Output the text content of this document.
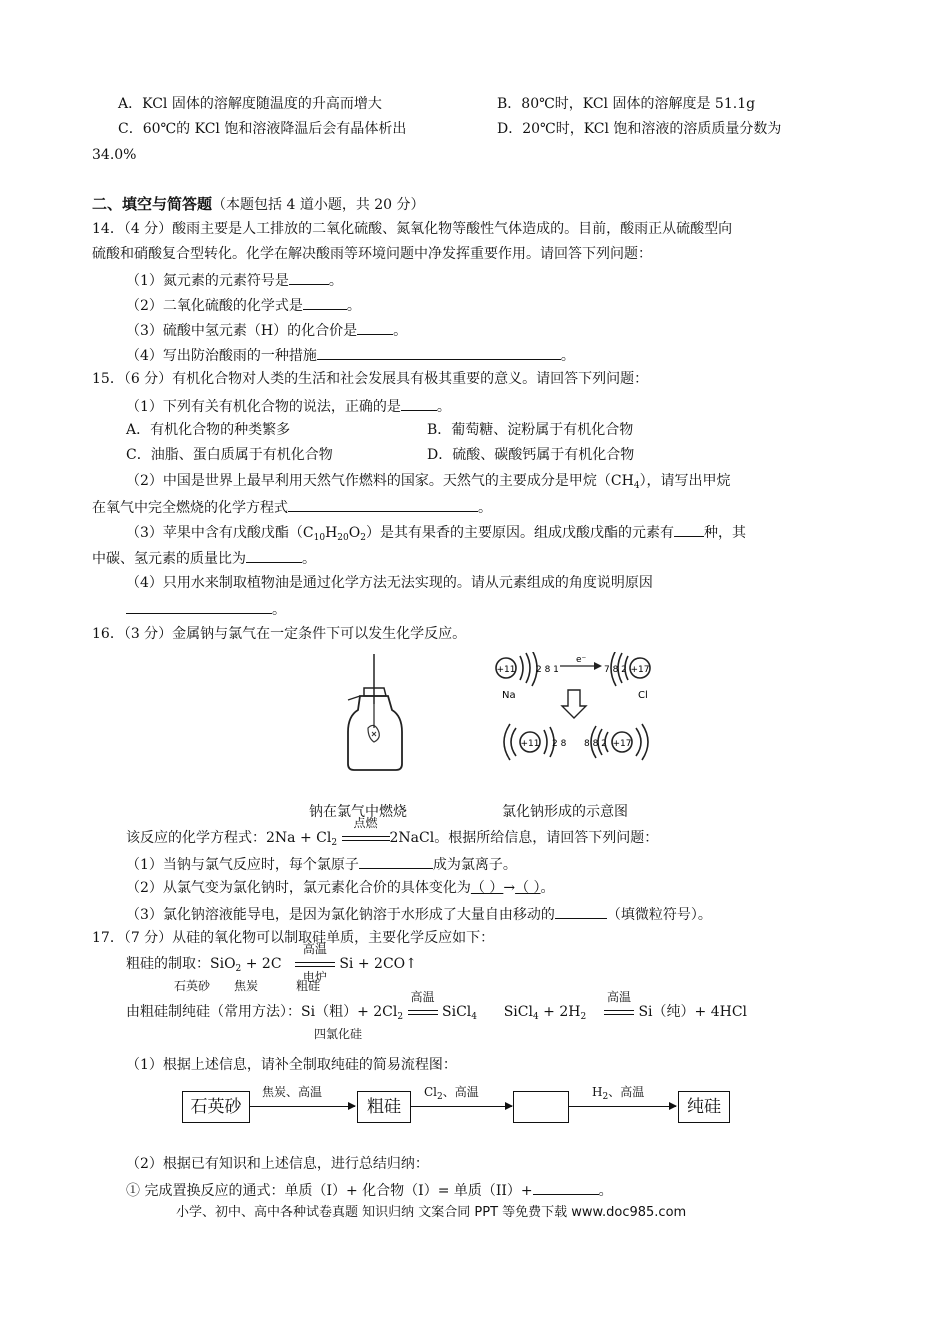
A．KCl 固体的溶解度随温度的升高而增大	B．80℃时，KCl 固体的溶解度是 51.1g
C．60℃的 KCl 饱和溶液降温后会有晶体析出	D．20℃时，KCl 饱和溶液的溶质质量分数为
34.0%
二、填空与简答题（本题包括 4 道小题，共 20 分）
14．（4 分）酸雨主要是人工排放的二氧化硫酸、氮氧化物等酸性气体造成的。目前，酸雨正从硫酸型向
硫酸和硝酸复合型转化。化学在解决酸雨等环境问题中净发挥重要作用。请回答下列问题：
（1）氮元素的元素符号是	。
（2）二氧化硫酸的化学式是	。
（3）硫酸中氢元素（H）的化合价是	。
（4）写出防治酸雨的一种措施	。
15．（6 分）有机化合物对人类的生活和社会发展具有极其重要的意义。请回答下列问题：
（1）下列有关有机化合物的说法，正确的是	。
A．有机化合物的种类繁多	B．葡萄糖、淀粉属于有机化合物
C．油脂、蛋白质属于有机化合物	D．硫酸、碳酸钙属于有机化合物
（2）中国是世界上最早利用天然气作燃料的国家。天然气的主要成分是甲烷$(CH_4)$，请写出甲烷
在氧气中完全燃烧的化学方程式	。
（3）苹果中含有戊酸戊酯$(C_{10}H_{20}O_2)$是其有果香的主要原因。组成戊酸戊酯的元素有 种，其
中碳、氢元素的质量比为	。
（4）只用水来制取植物油是通过化学方法无法实现的。请从元素组成的角度说明原因
。
16．（3 分）金属钠与氯气在一定条件下可以发生化学反应。
+11 2 8 1
Na
e⁻
7 8 2 +17
Cl
+11 2 8 8 8 2 +17
钠在氯气中燃烧	氯化钠形成的示意图
该反应的化学方程式：$2Na + Cl_2$
点燃
2NaCl。根据所给信息，请回答下列问题：
（1）当钠与氯气反应时，每个氯原子	成为氯离子。
（2）从氯气变为氯化钠时，氯元素化合价的具体变化为（ ）→（ ）。
（3）氯化钠溶液能导电，是因为氯化钠溶于水形成了大量自由移动的	（填微粒符号）。
17．（7 分）从硅的氧化物可以制取硅单质，主要化学反应如下：
粗硅的制取：SiO$_2$ + 2C
高温
电炉
Si + 2CO↑
石英砂 焦炭	粗硅
由粗硅制纯硅（常用方法）：Si（粗）+ $2Cl_2$
高温
SiCl$_4$ SiCl$_4$ + $2H_2$
高温
Si（纯）+ 4HCl
四氯化硅
（1）根据上述信息，请补全制取纯硅的简易流程图：
石英砂
焦炭、高温
粗硅
$Cl_2$、高温	$H_2$、高温
纯硅
（2）根据已有知识和上述信息，进行总结归纳：
① 完成置换反应的通式：单质（I）+ 化合物（I）= 单质（II）+	。
小学、初中、高中各种试卷真题 知识归纳 文案合同 PPT 等免费下载 www.doc985.com
